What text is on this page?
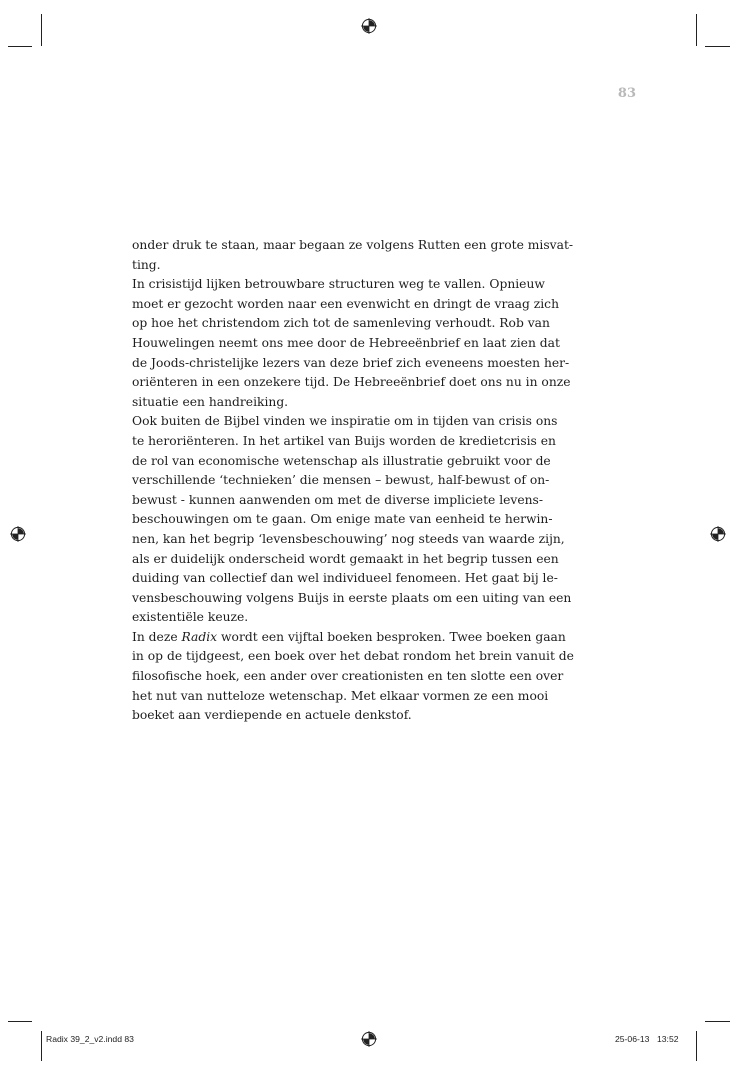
83
onder druk te staan, maar begaan ze volgens Rutten een grote misvat-
ting.
In crisistijd lijken betrouwbare structuren weg te vallen. Opnieuw
moet er gezocht worden naar een evenwicht en dringt de vraag zich
op hoe het christendom zich tot de samenleving verhoudt. Rob van
Houwelingen neemt ons mee door de Hebreeënbrief en laat zien dat
de Joods-christelijke lezers van deze brief zich eveneens moesten her-
oriënteren in een onzekere tijd. De Hebreeënbrief doet ons nu in onze
situatie een handreiking.
Ook buiten de Bijbel vinden we inspiratie om in tijden van crisis ons
te heroriënteren. In het artikel van Buijs worden de kredietcrisis en
de rol van economische wetenschap als illustratie gebruikt voor de
verschillende ‘technieken’ die mensen – bewust, half-bewust of on-
bewust - kunnen aanwenden om met de diverse impliciete levens-
beschouwingen om te gaan. Om enige mate van eenheid te herwin-
nen, kan het begrip ‘levensbeschouwing’ nog steeds van waarde zijn,
als er duidelijk onderscheid wordt gemaakt in het begrip tussen een
duiding van collectief dan wel individueel fenomeen. Het gaat bij le-
vensbeschouwing volgens Buijs in eerste plaats om een uiting van een
existentiële keuze.
In deze Radix wordt een vijftal boeken besproken. Twee boeken gaan
in op de tijdgeest, een boek over het debat rondom het brein vanuit de
filosofische hoek, een ander over creationisten en ten slotte een over
het nut van nutteloze wetenschap. Met elkaar vormen ze een mooi
boeket aan verdiepende en actuele denkstof.
Radix 39_2_v2.indd 83	25-06-13 13:52
